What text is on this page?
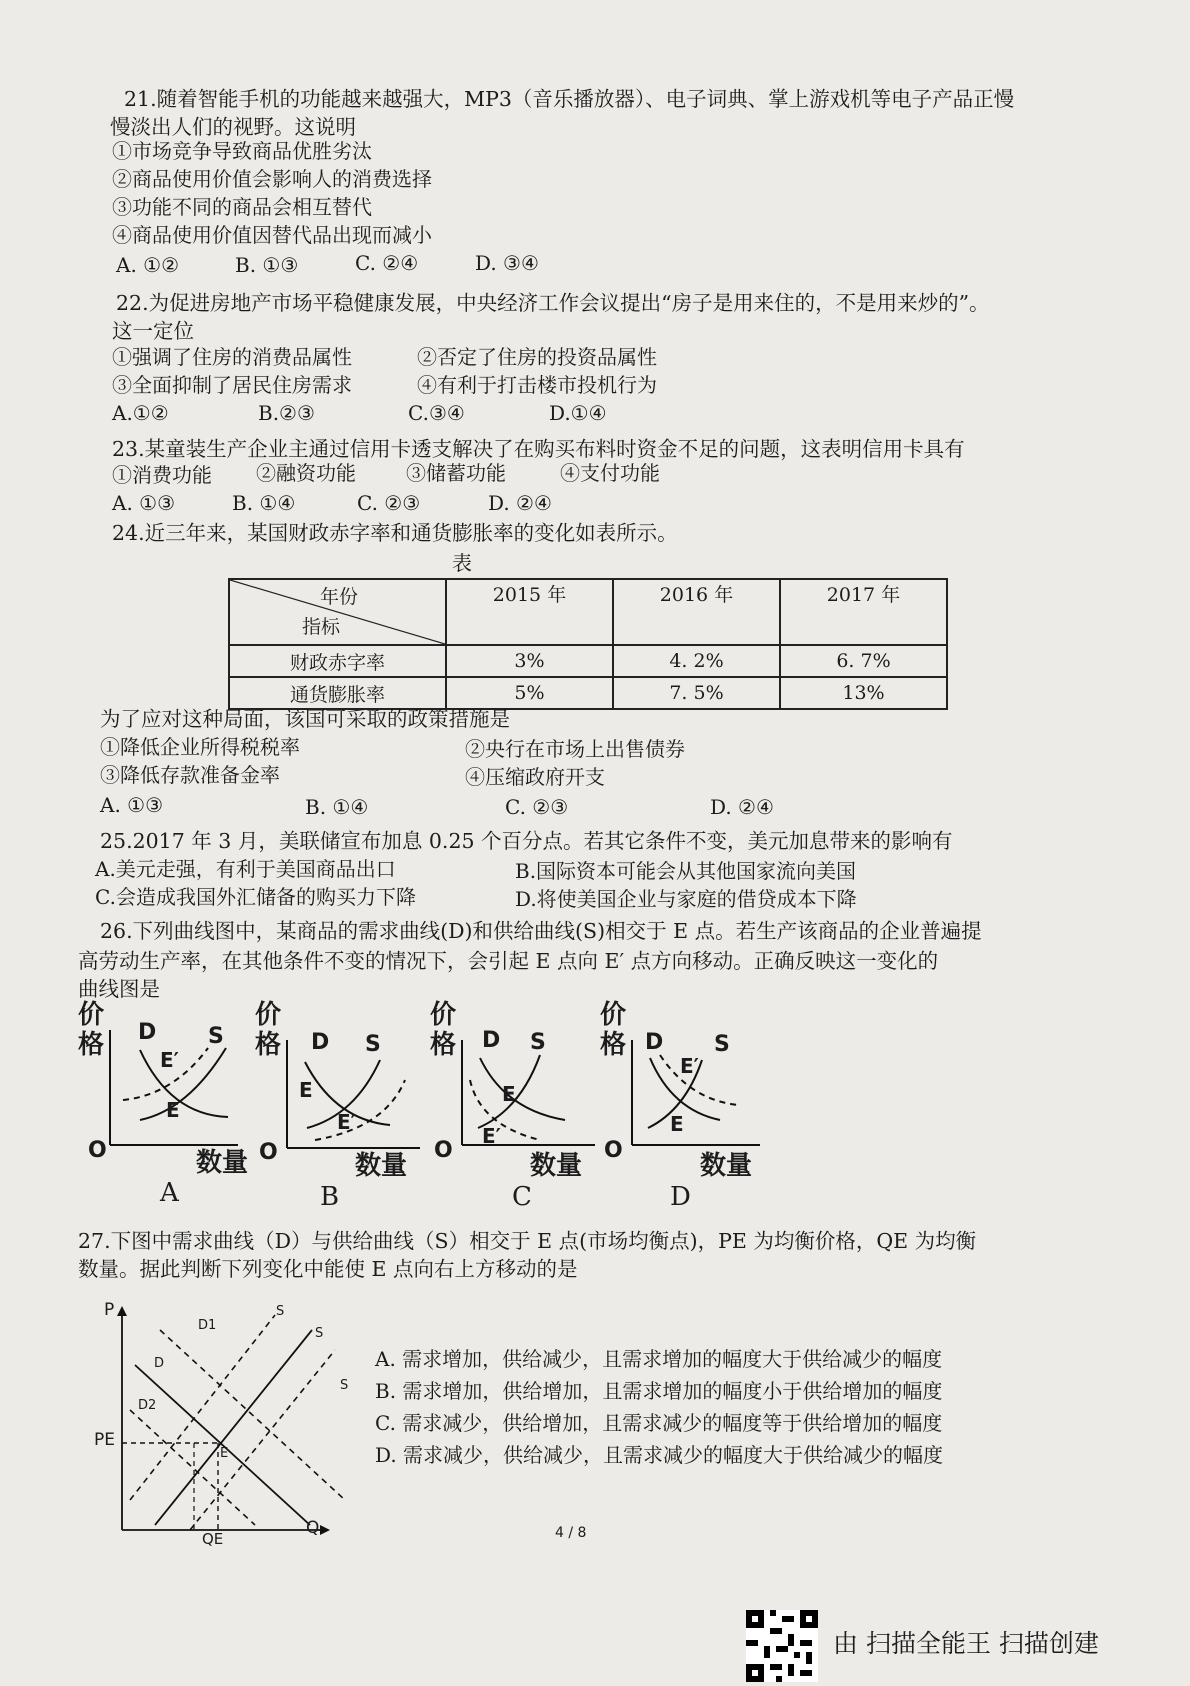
21.随着智能手机的功能越来越强大，MP3（音乐播放器）、电子词典、掌上游戏机等电子产品正慢
慢淡出人们的视野。这说明
①市场竞争导致商品优胜劣汰
②商品使用价值会影响人的消费选择
③功能不同的商品会相互替代
④商品使用价值因替代品出现而减小
A. ①②	B. ①③	C. ②④	D. ③④
22.为促进房地产市场平稳健康发展，中央经济工作会议提出“房子是用来住的，不是用来炒的”。
这一定位
①强调了住房的消费品属性	②否定了住房的投资品属性
③全面抑制了居民住房需求	④有利于打击楼市投机行为
A.①②	B.②③	C.③④	D.①④
23.某童装生产企业主通过信用卡透支解决了在购买布料时资金不足的问题，这表明信用卡具有
①消费功能 ②融资功能	③储蓄功能	④支付功能
A. ①③	B. ①④	C. ②③	D. ②④
24.近三年来，某国财政赤字率和通货膨胀率的变化如表所示。
表
年份
指标	2015 年	2016 年	2017 年
财政赤字率	3%	4. 2%	6. 7%
通货膨胀率	5%	7. 5%	13%
为了应对这种局面，该国可采取的政策措施是
①降低企业所得税税率	②央行在市场上出售债券
③降低存款准备金率	④压缩政府开支
A. ①③	B. ①④	C. ②③	D. ②④
25.2017 年 3 月，美联储宣布加息 0.25 个百分点。若其它条件不变，美元加息带来的影响有
A.美元走强，有利于美国商品出口	B.国际资本可能会从其他国家流向美国
C.会造成我国外汇储备的购买力下降	D.将使美国企业与家庭的借贷成本下降
26.下列曲线图中，某商品的需求曲线(D)和供给曲线(S)相交于 E 点。若生产该商品的企业普遍提
高劳动生产率，在其他条件不变的情况下，会引起 E 点向 E′ 点方向移动。正确反映这一变化的
曲线图是
价
格 D S
E′
E
O	数量
A
价
格 D S
E
E′
O	数量
B
价
格 D S
E
E′
O
数量
C
价
格 D S
E′
E
O
数量
D
27.下图中需求曲线（D）与供给曲线（S）相交于 E 点(市场均衡点)，PE 为均衡价格，QE 为均衡
数量。据此判断下列变化中能使 E 点向右上方移动的是
P
Q
PE
QE
E
D
D1
D2
S
S
S
A. 需求增加，供给减少，且需求增加的幅度大于供给减少的幅度
B. 需求增加，供给增加，且需求增加的幅度小于供给增加的幅度
C. 需求减少，供给增加，且需求减少的幅度等于供给增加的幅度
D. 需求减少，供给减少，且需求减少的幅度大于供给减少的幅度
4 / 8
由 扫描全能王 扫描创建
